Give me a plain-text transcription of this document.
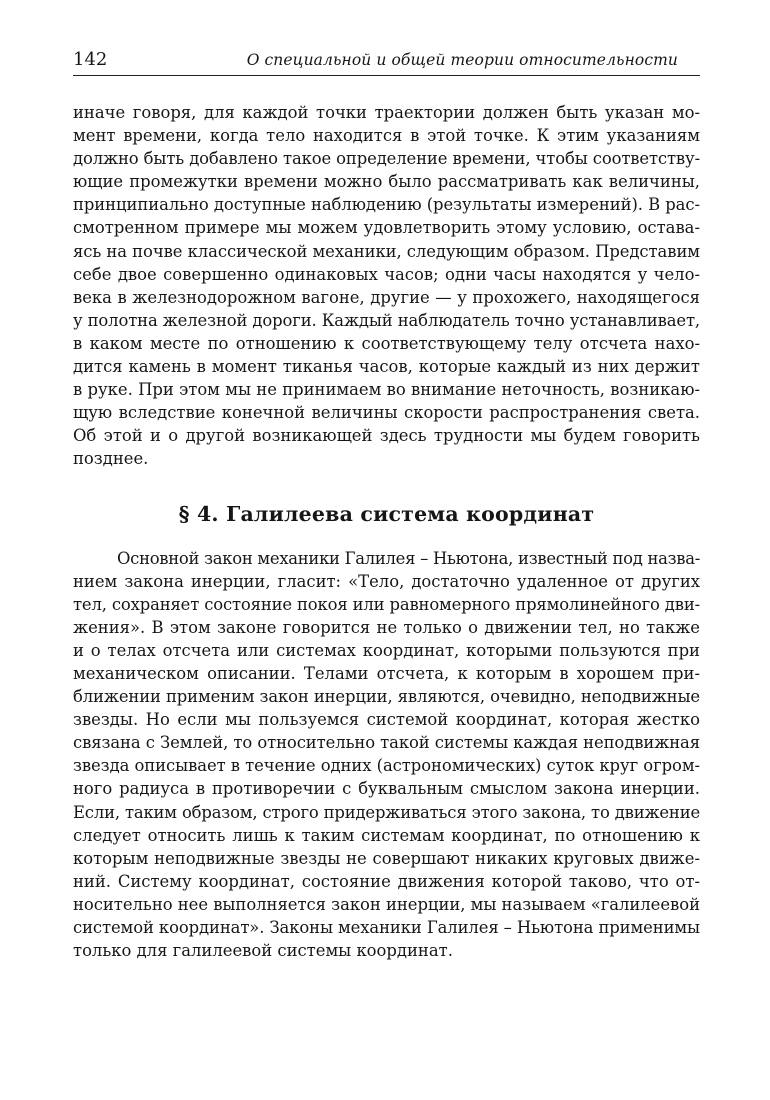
142	О специальной и общей теории относительности
иначе говоря, для каждой точки траектории должен быть указан мо-
мент времени, когда тело находится в этой точке. К этим указаниям
должно быть добавлено такое определение времени, чтобы соответству-
ющие промежутки времени можно было рассматривать как величины,
принципиально доступные наблюдению (результаты измерений). В рас-
смотренном примере мы можем удовлетворить этому условию, остава-
ясь на почве классической механики, следующим образом. Представим
себе двое совершенно одинаковых часов; одни часы находятся у чело-
века в железнодорожном вагоне, другие — у прохожего, находящегося
у полотна железной дороги. Каждый наблюдатель точно устанавливает,
в каком месте по отношению к соответствующему телу отсчета нахо-
дится камень в момент тиканья часов, которые каждый из них держит
в руке. При этом мы не принимаем во внимание неточность, возникаю-
щую вследствие конечной величины скорости распространения света.
Об этой и о другой возникающей здесь трудности мы будем говорить
позднее.
§ 4. Галилеева система координат
Основной закон механики Галилея – Ньютона, известный под назва-
нием закона инерции, гласит: «Тело, достаточно удаленное от других
тел, сохраняет состояние покоя или равномерного прямолинейного дви-
жения». В этом законе говорится не только о движении тел, но также
и о телах отсчета или системах координат, которыми пользуются при
механическом описании. Телами отсчета, к которым в хорошем при-
ближении применим закон инерции, являются, очевидно, неподвижные
звезды. Но если мы пользуемся системой координат, которая жестко
связана с Землей, то относительно такой системы каждая неподвижная
звезда описывает в течение одних (астрономических) суток круг огром-
ного радиуса в противоречии с буквальным смыслом закона инерции.
Если, таким образом, строго придерживаться этого закона, то движение
следует относить лишь к таким системам координат, по отношению к
которым неподвижные звезды не совершают никаких круговых движе-
ний. Систему координат, состояние движения которой таково, что от-
носительно нее выполняется закон инерции, мы называем «галилеевой
системой координат». Законы механики Галилея – Ньютона применимы
только для галилеевой системы координат.
